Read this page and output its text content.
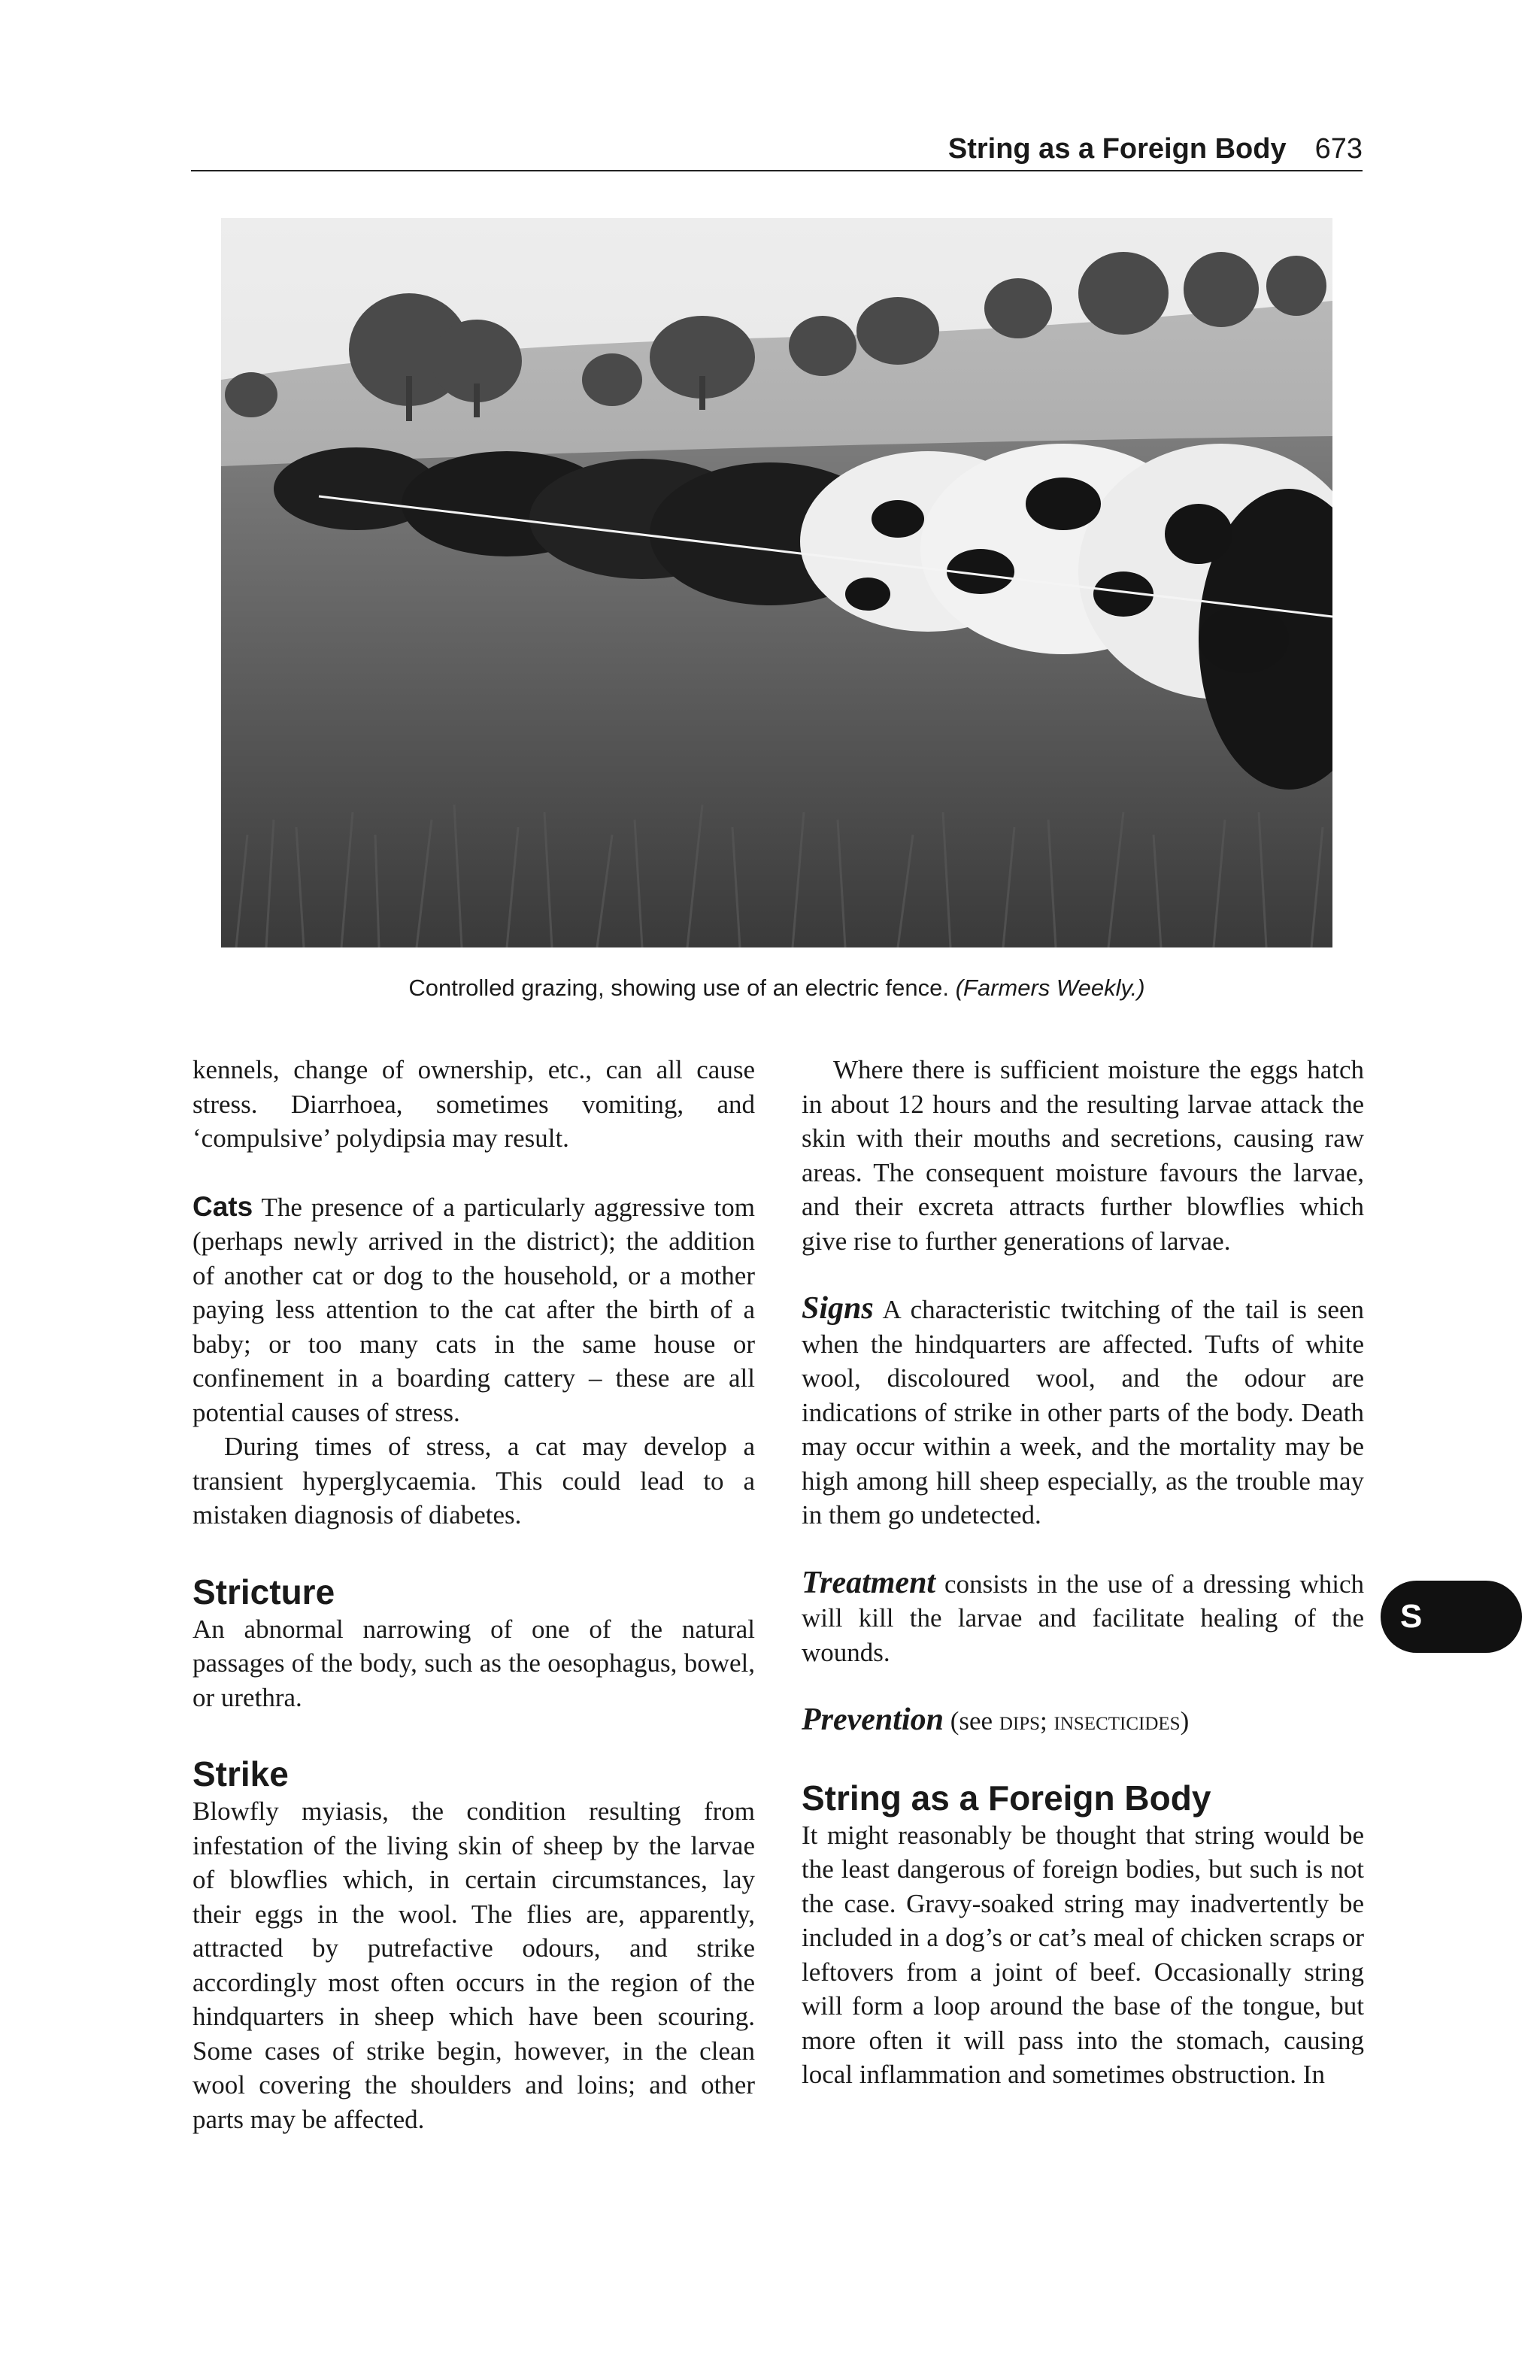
String as a Foreign Body 673
Controlled grazing, showing use of an electric fence. (Farmers Weekly.)

kennels, change of ownership, etc., can all cause stress. Diarrhoea, sometimes vomiting, and ‘compulsive’ polydipsia may result.

Cats The presence of a particularly aggressive tom (perhaps newly arrived in the district); the addition of another cat or dog to the household, or a mother paying less attention to the cat after the birth of a baby; or too many cats in the same house or confinement in a boarding cattery – these are all potential causes of stress.

During times of stress, a cat may develop a transient hyperglycaemia. This could lead to a mistaken diagnosis of diabetes.

Stricture

An abnormal narrowing of one of the natural passages of the body, such as the oesophagus, bowel, or urethra.

Strike

Blowfly myiasis, the condition resulting from infestation of the living skin of sheep by the larvae of blowflies which, in certain circumstances, lay their eggs in the wool. The flies are, apparently, attracted by putrefactive odours, and strike accordingly most often occurs in the region of the hindquarters in sheep which have been scouring. Some cases of strike begin, however, in the clean wool covering the shoulders and loins; and other parts may be affected.

Where there is sufficient moisture the eggs hatch in about 12 hours and the resulting larvae attack the skin with their mouths and secretions, causing raw areas. The consequent moisture favours the larvae, and their excreta attracts further blowflies which give rise to further generations of larvae.

Signs A characteristic twitching of the tail is seen when the hindquarters are affected. Tufts of white wool, discoloured wool, and the odour are indications of strike in other parts of the body. Death may occur within a week, and the mortality may be high among hill sheep especially, as the trouble may in them go undetected.

Treatment consists in the use of a dressing which will kill the larvae and facilitate healing of the wounds.

Prevention (see dips; insecticides)

String as a Foreign Body

It might reasonably be thought that string would be the least dangerous of foreign bodies, but such is not the case. Gravy-soaked string may inadvertently be included in a dog’s or cat’s meal of chicken scraps or leftovers from a joint of beef. Occasionally string will form a loop around the base of the tongue, but more often it will pass into the stomach, causing local inflammation and sometimes obstruction. In

S
